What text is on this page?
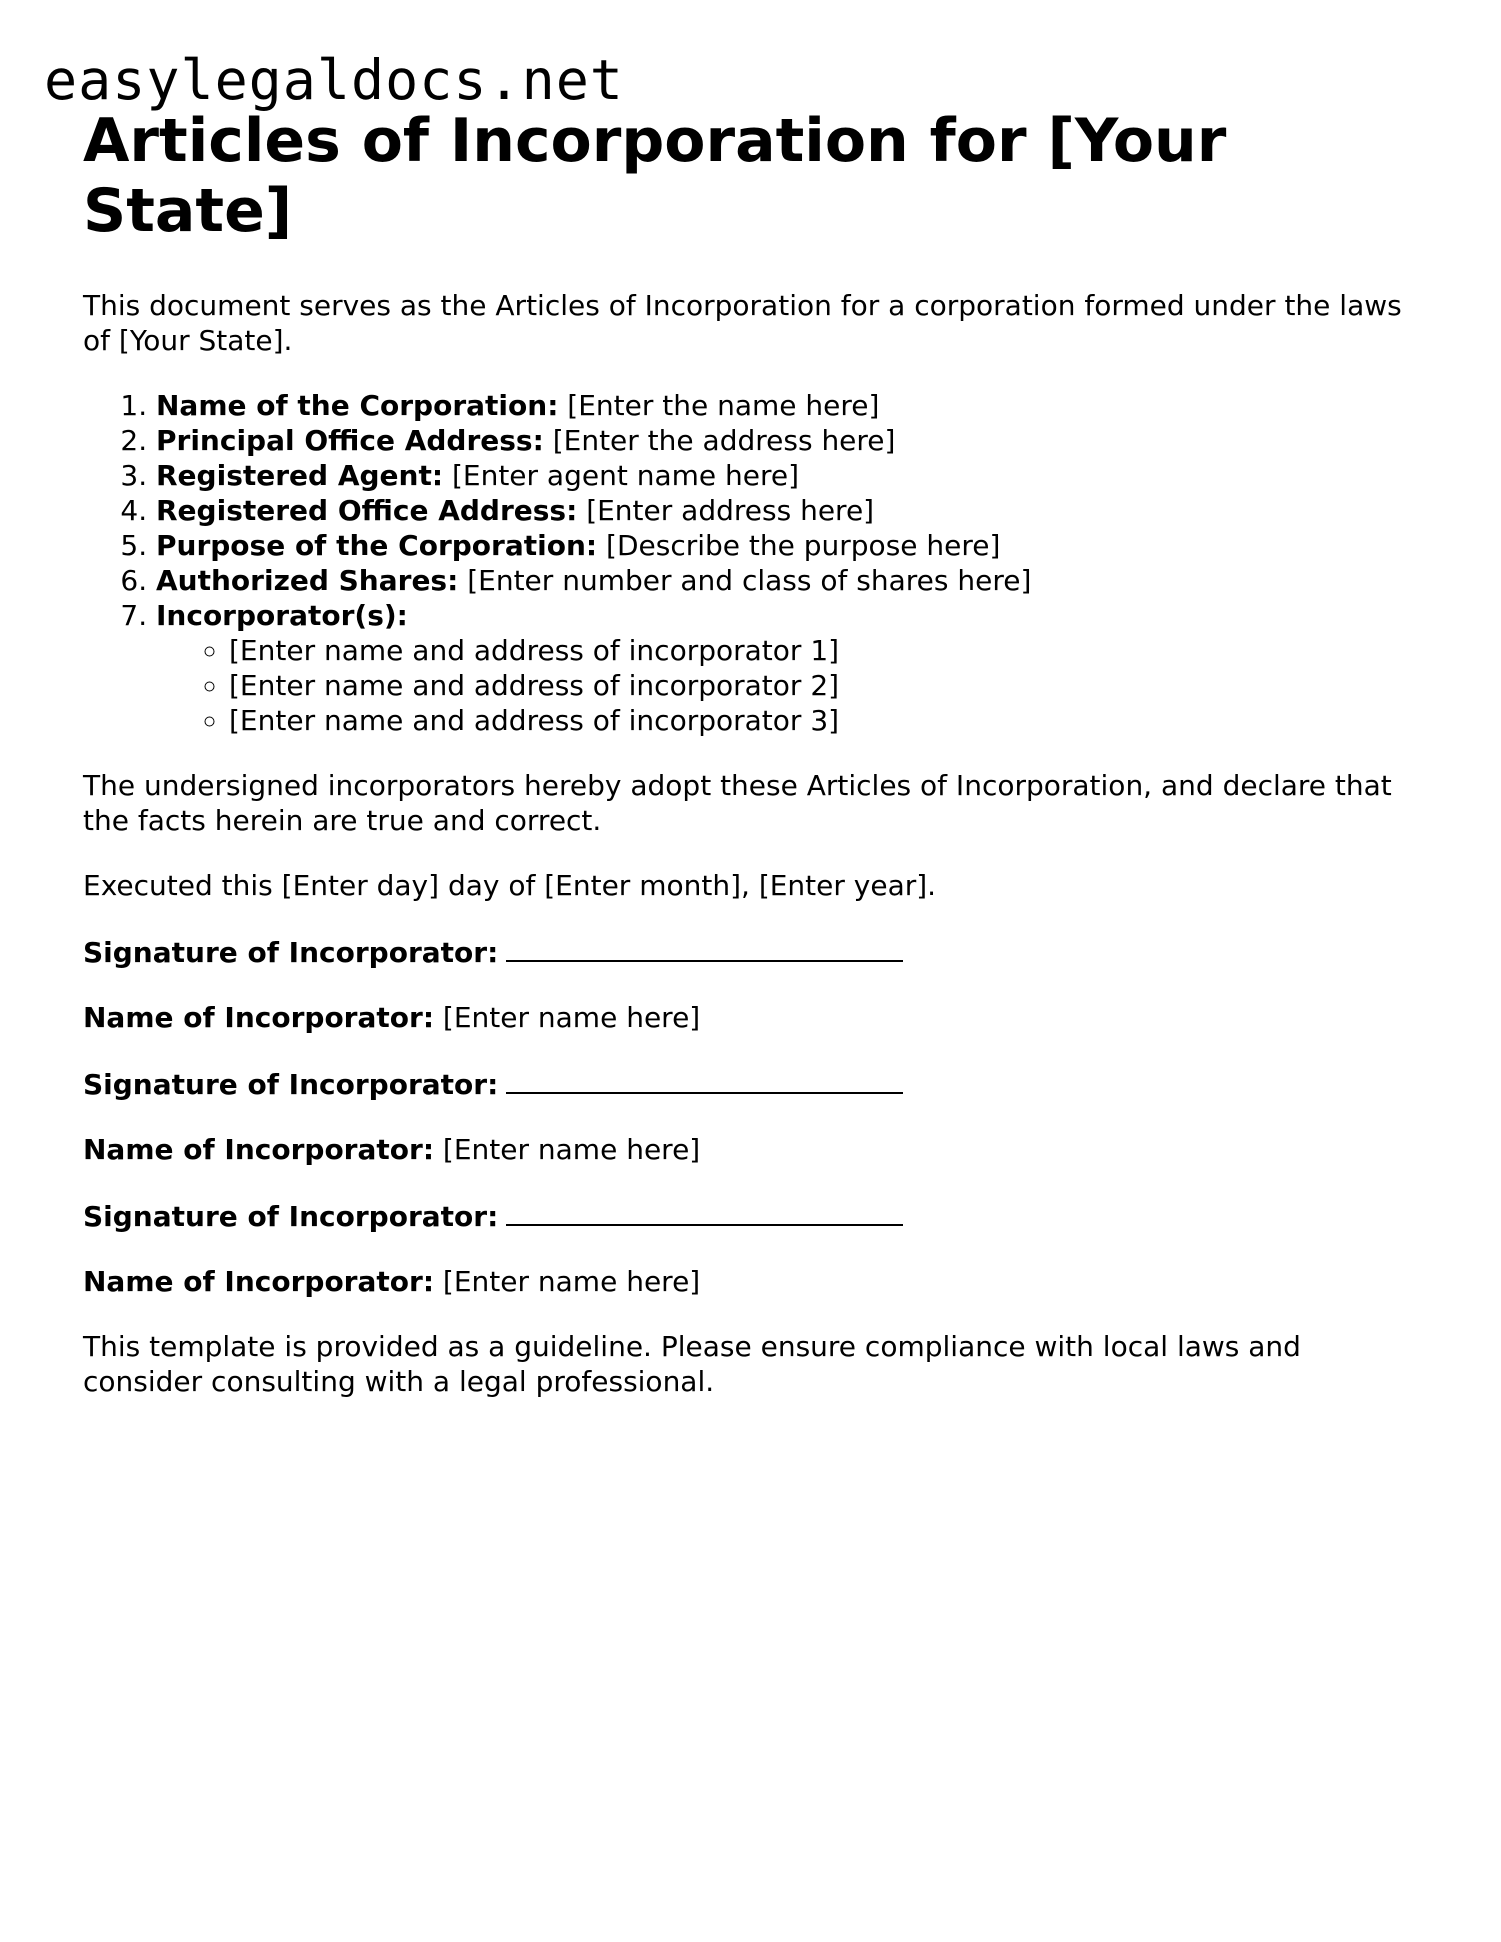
easylegaldocs.net
Articles of Incorporation for [Your State]

This document serves as the Articles of Incorporation for a corporation formed under the laws of [Your State].

1. Name of the Corporation: [Enter the name here]
2. Principal Office Address: [Enter the address here]
3. Registered Agent: [Enter agent name here]
4. Registered Office Address: [Enter address here]
5. Purpose of the Corporation: [Describe the purpose here]
6. Authorized Shares: [Enter number and class of shares here]
7. Incorporator(s):
◦ [Enter name and address of incorporator 1]
◦ [Enter name and address of incorporator 2]
◦ [Enter name and address of incorporator 3]

The undersigned incorporators hereby adopt these Articles of Incorporation, and declare that the facts herein are true and correct.

Executed this [Enter day] day of [Enter month], [Enter year].

Signature of Incorporator:

Name of Incorporator: [Enter name here]

Signature of Incorporator:

Name of Incorporator: [Enter name here]

Signature of Incorporator:

Name of Incorporator: [Enter name here]

This template is provided as a guideline. Please ensure compliance with local laws and consider consulting with a legal professional.
